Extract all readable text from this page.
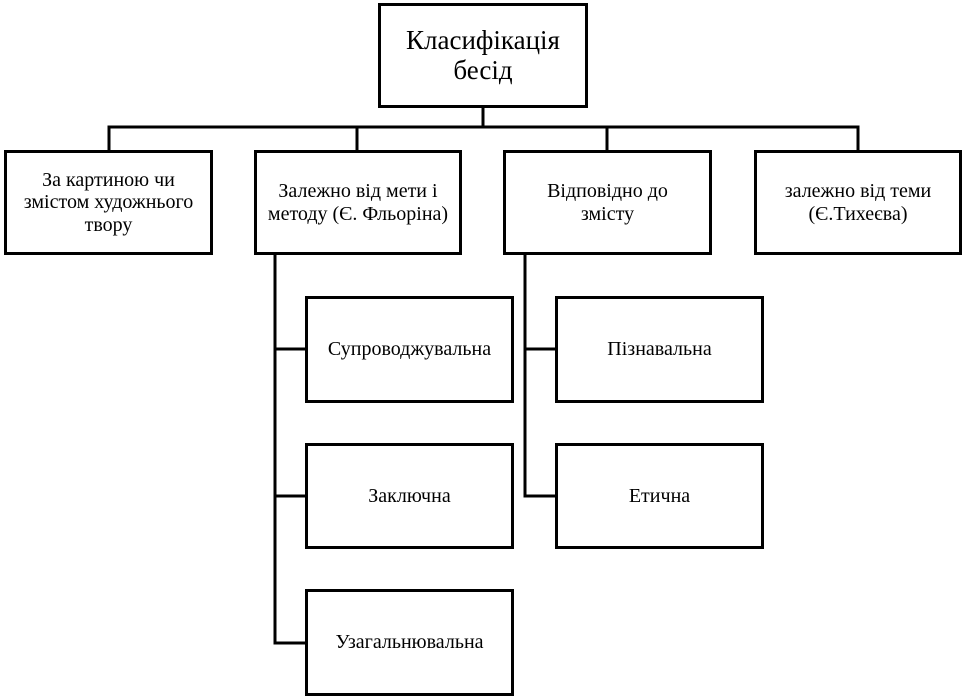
Класифікація бесід
За картиною чи змістом художнього твору
Залежно від мети і методу (Є. Фльоріна)
Відповідно до змісту
залежно від теми (Є.Тихеєва)
Супроводжувальна
Заключна
Узагальнювальна
Пізнавальна
Етична
